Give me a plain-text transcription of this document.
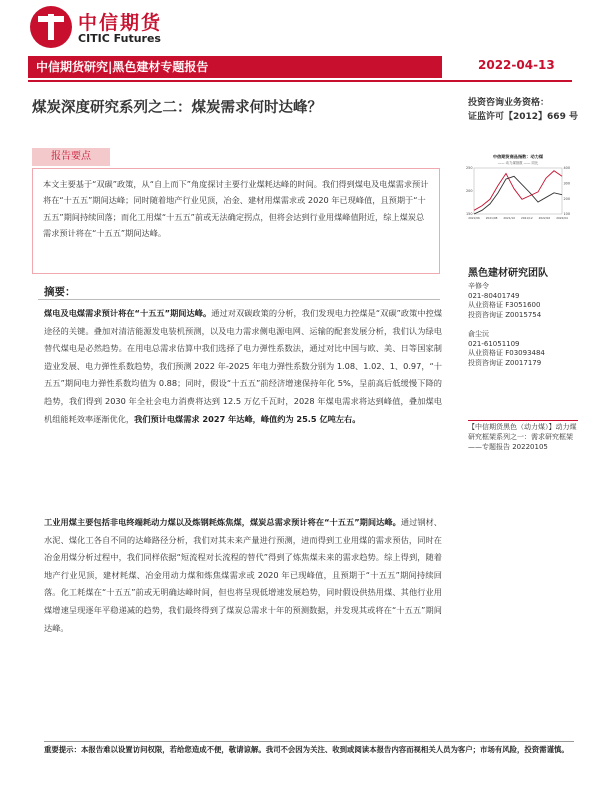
中信期货
CITIC Futures
中信期货研究|黑色建材专题报告	2022-04-13
煤炭深度研究系列之二：煤炭需求何时达峰？	投资咨询业务资格：
证监许可【2012】669 号
报告要点
本文主要基于“双碳”政策，从“自上而下”角度探讨主要行业煤耗达峰的时间。我们得到煤电及电煤需求预计将在“十五五”期间达峰；同时随着地产行业见顶，冶金、建材用煤需求或 2020 年已现峰值，且预期于“十五五”期间持续回落；而化工用煤“十五五”前或无法确定拐点，但将会达到行业用煤峰值附近，综上煤炭总需求预计将在“十五五”期间达峰。
中信期货商品指数：动力煤
—— 动力煤指数 —— 同比
250
200
150
400
300
200
100
2021/06 2021/08 2021/10 2021/12 2022/02 2022/04
黑色建材研究团队
辛修令
021-80401749
从业资格证 F3051600
投资咨询证 Z0015754
俞尘沅
021-61051109
从业资格证 F03093484
投资咨询证 Z0017179
【中信期货黑色（动力煤）】动力煤研究框架系列之一：需求研究框架——专题报告 20220105
摘要：
煤电及电煤需求预计将在“十五五”期间达峰。通过对双碳政策的分析，我们发现电力控煤是“双碳”政策中控煤途径的关键。叠加对清洁能源发电装机预测，以及电力需求侧电源电网、运输的配套发展分析，我们认为绿电替代煤电是必然趋势。在用电总需求估算中我们选择了电力弹性系数法，通过对比中国与欧、美、日等国家制造业发展、电力弹性系数趋势，我们预测 2022 年-2025 年电力弹性系数分别为 1.08、1.02、1、0.97，“十五五”期间电力弹性系数均值为 0.88；同时，假设“十五五”前经济增速保持年化 5%，呈前高后低缓慢下降的趋势，我们得到 2030 年全社会电力消费将达到 12.5 万亿千瓦时，2028 年煤电需求将达到峰值，叠加煤电机组能耗效率逐渐优化，我们预计电煤需求 2027 年达峰，峰值约为 25.5 亿吨左右。
工业用煤主要包括非电终端耗动力煤以及炼钢耗炼焦煤，煤炭总需求预计将在“十五五”期间达峰。通过钢材、水泥、煤化工各自不同的达峰路径分析，我们对其未来产量进行预测，进而得到工业用煤的需求预估，同时在冶金用煤分析过程中，我们同样依据“短流程对长流程的替代”得到了炼焦煤未来的需求趋势。综上得到，随着地产行业见顶，建材耗煤、冶金用动力煤和炼焦煤需求或 2020 年已现峰值，且预期于“十五五”期间持续回落。化工耗煤在“十五五”前或无明确达峰时间，但也将呈现低增速发展趋势，同时假设供热用煤、其他行业用煤增速呈现逐年平稳递减的趋势，我们最终得到了煤炭总需求十年的预测数据，并发现其或将在“十五五”期间达峰。
重要提示：本报告难以设置访问权限，若给您造成不便，敬请谅解。我司不会因为关注、收到或阅读本报告内容而视相关人员为客户；市场有风险，投资需谨慎。
